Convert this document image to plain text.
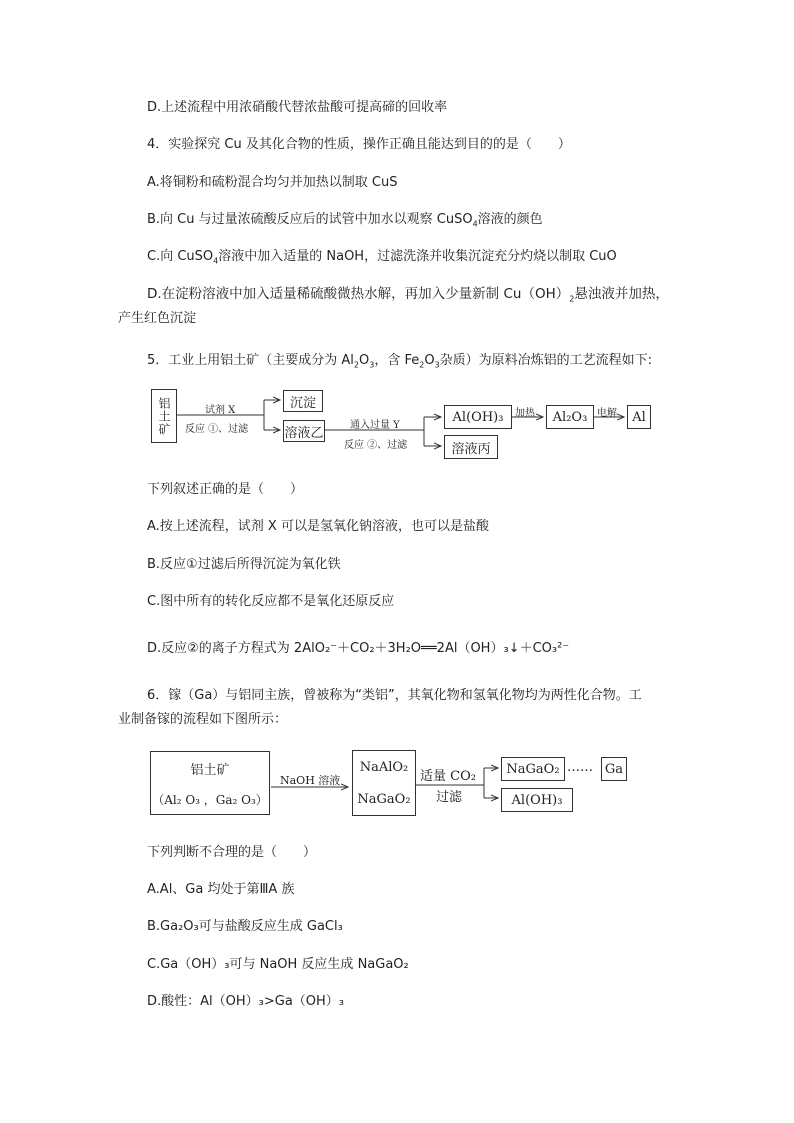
D.上述流程中用浓硝酸代替浓盐酸可提高碲的回收率
4．实验探究 Cu 及其化合物的性质，操作正确且能达到目的的是（　　）
A.将铜粉和硫粉混合均匀并加热以制取 CuS
B.向 Cu 与过量浓硫酸反应后的试管中加水以观察 CuSO$_4$溶液的颜色
C.向 CuSO$_4$溶液中加入适量的 NaOH，过滤洗涤并收集沉淀充分灼烧以制取 CuO
D.在淀粉溶液中加入适量稀硫酸微热水解，再加入少量新制 $Cu(OH)_2$悬浊液并加热，
产生红色沉淀
5．工业上用铝土矿（主要成分为 $Al_2O_3$，含 $Fe_2O_3$杂质）为原料冶炼铝的工艺流程如下:
铝土矿	试剂 X
反应 ①、过滤
沉淀
溶液乙	通入过量 Y
反应 ②、过滤
Al(OH)₃ 加热 Al₂O₃ 电解 Al
溶液丙
下列叙述正确的是（　　）
A.按上述流程，试剂 X 可以是氢氧化钠溶液，也可以是盐酸
B.反应①过滤后所得沉淀为氧化铁
C.图中所有的转化反应都不是氧化还原反应
D.反应②的离子方程式为 2AlO₂⁻＋CO₂＋3H₂O══2Al（OH）₃↓＋CO₃²⁻
6．镓（Ga）与铝同主族，曾被称为“类铝”，其氧化物和氢氧化物均为两性化合物。工
业制备镓的流程如下图所示：
铝土矿
（Al₂ O₃ ，Ga₂ O₃）
NaOH 溶液
NaAlO₂
NaGaO₂
适量 CO₂
过滤
NaGaO₂ …… Ga
Al(OH)₃
下列判断不合理的是（　　）
A.Al、Ga 均处于第ⅢA 族
B.Ga₂O₃可与盐酸反应生成 GaCl₃
C.Ga（OH）₃可与 NaOH 反应生成 NaGaO₂
D.酸性：Al（OH）₃>Ga（OH）₃
